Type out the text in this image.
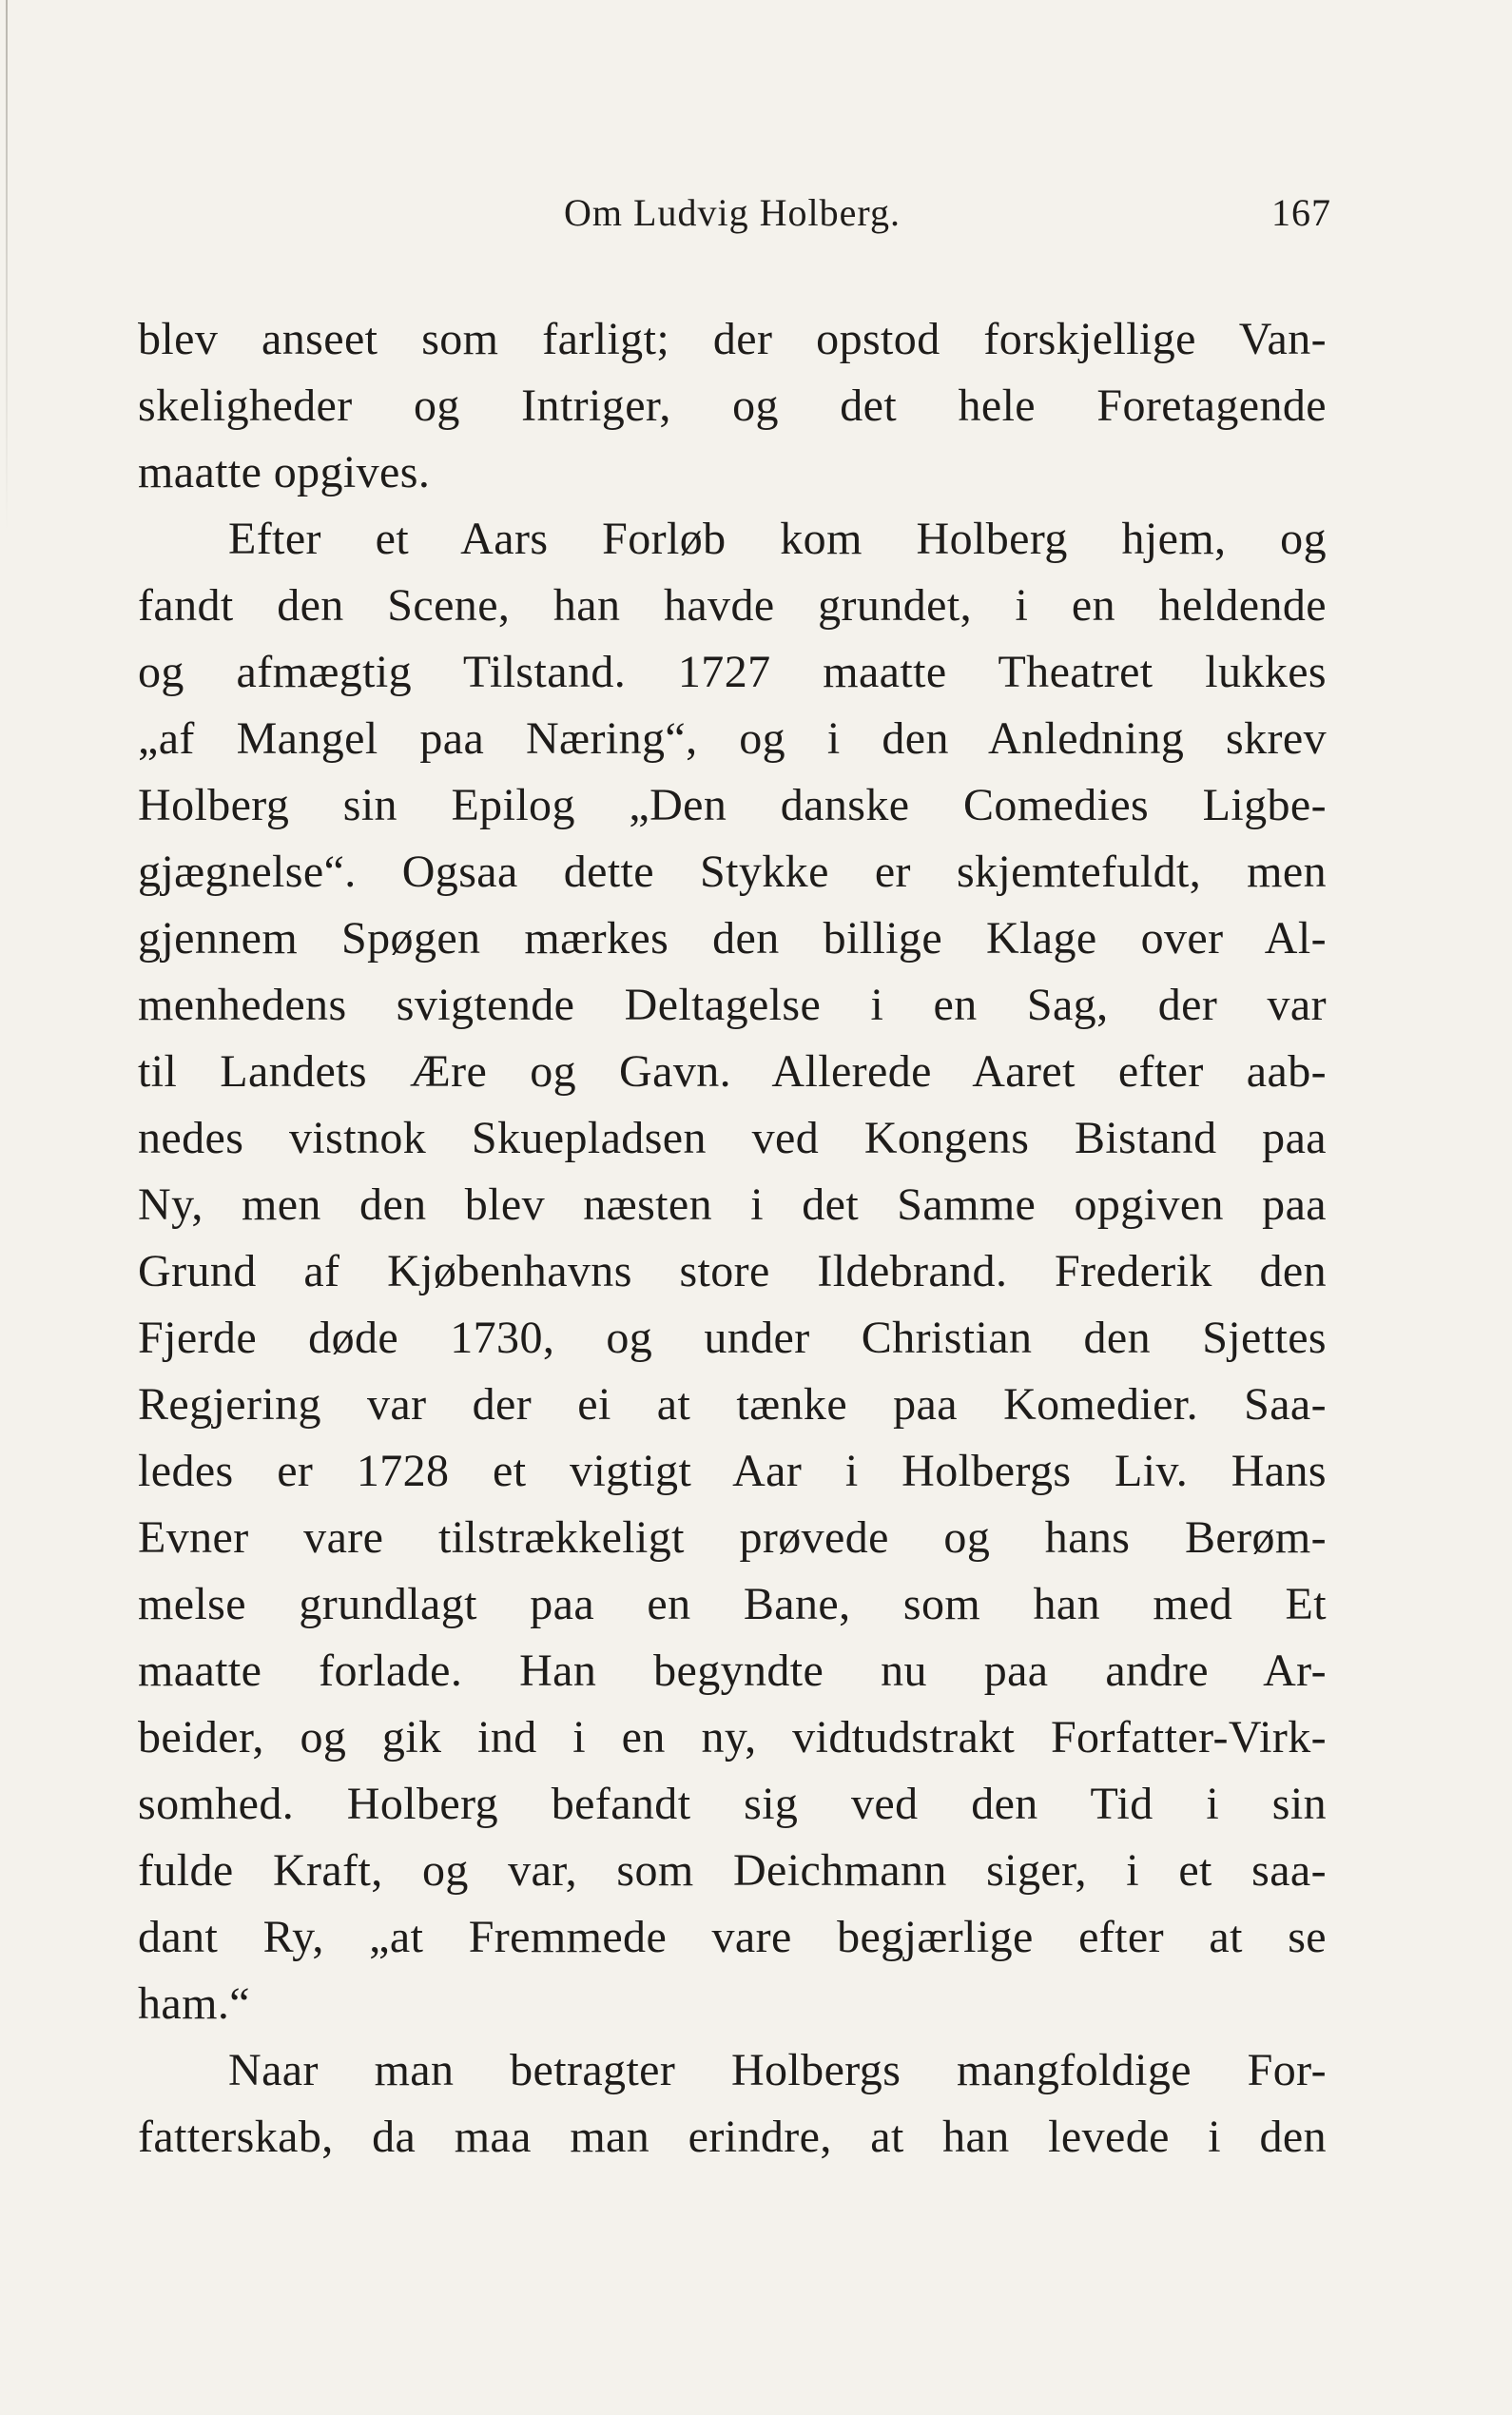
Om Ludvig Holberg.	167
blev anseet som farligt; der opstod forskjellige Van-
skeligheder og Intriger, og det hele Foretagende
maatte opgives.
Efter et Aars Forløb kom Holberg hjem, og
fandt den Scene, han havde grundet, i en heldende
og afmægtig Tilstand. 1727 maatte Theatret lukkes
„af Mangel paa Næring“, og i den Anledning skrev
Holberg sin Epilog „Den danske Comedies Ligbe-
gjægnelse“. Ogsaa dette Stykke er skjemtefuldt, men
gjennem Spøgen mærkes den billige Klage over Al-
menhedens svigtende Deltagelse i en Sag, der var
til Landets Ære og Gavn. Allerede Aaret efter aab-
nedes vistnok Skuepladsen ved Kongens Bistand paa
Ny, men den blev næsten i det Samme opgiven paa
Grund af Kjøbenhavns store Ildebrand. Frederik den
Fjerde døde 1730, og under Christian den Sjettes
Regjering var der ei at tænke paa Komedier. Saa-
ledes er 1728 et vigtigt Aar i Holbergs Liv. Hans
Evner vare tilstrækkeligt prøvede og hans Berøm-
melse grundlagt paa en Bane, som han med Et
maatte forlade. Han begyndte nu paa andre Ar-
beider, og gik ind i en ny, vidtudstrakt Forfatter-Virk-
somhed. Holberg befandt sig ved den Tid i sin
fulde Kraft, og var, som Deichmann siger, i et saa-
dant Ry, „at Fremmede vare begjærlige efter at se
ham.“
Naar man betragter Holbergs mangfoldige For-
fatterskab, da maa man erindre, at han levede i den
